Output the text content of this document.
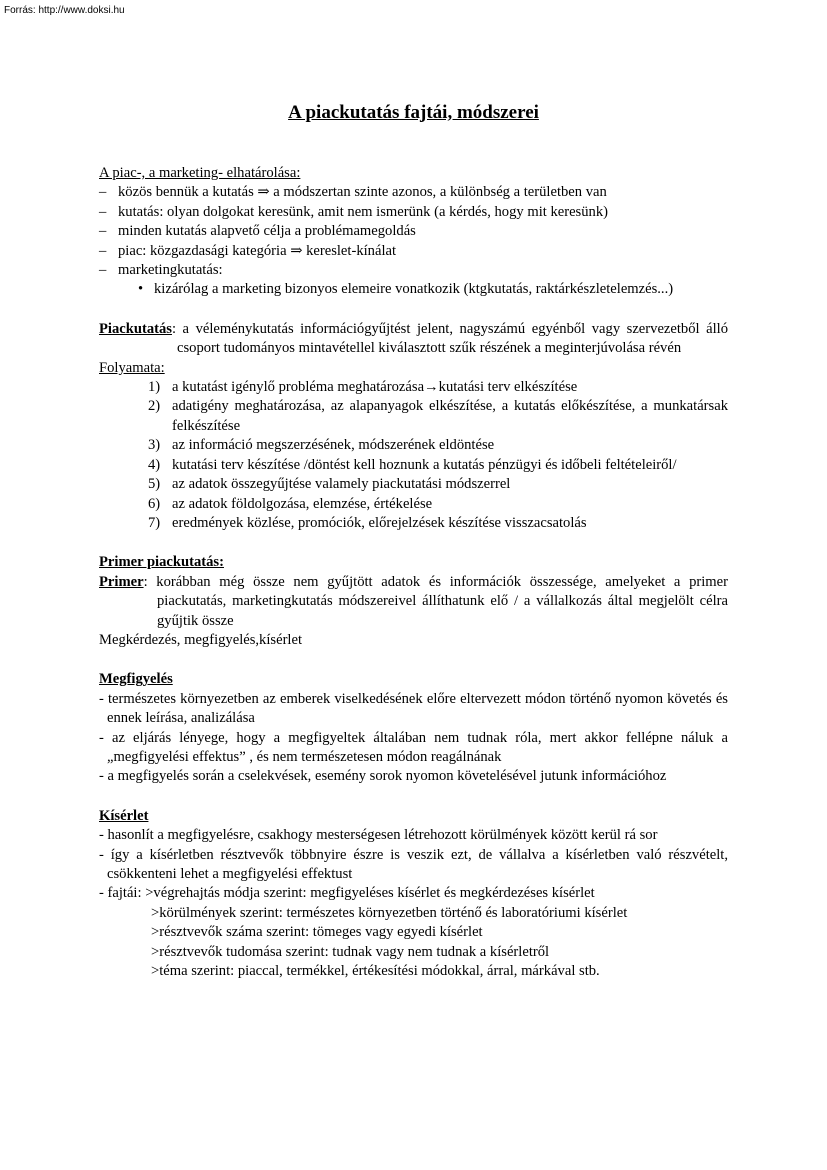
Forrás: http://www.doksi.hu
A piackutatás fajtái, módszerei
A piac-, a marketing- elhatárolása:
– közös bennük a kutatás ⇒ a módszertan szinte azonos, a különbség a területben van
– kutatás: olyan dolgokat keresünk, amit nem ismerünk (a kérdés, hogy mit keresünk)
– minden kutatás alapvető célja a problémamegoldás
– piac: közgazdasági kategória ⇒ kereslet-kínálat
– marketingkutatás:
• kizárólag a marketing bizonyos elemeire vonatkozik (ktgkutatás, raktárkészletelemzés...)
Piackutatás: a véleménykutatás információgyűjtést jelent, nagyszámú egyénből vagy szervezetből álló csoport tudományos mintavétellel kiválasztott szűk részének a meginterjúvolása révén
Folyamata:
1) a kutatást igénylő probléma meghatározása→kutatási terv elkészítése
2) adatigény meghatározása, az alapanyagok elkészítése, a kutatás előkészítése, a munkatársak felkészítése
3) az információ megszerzésének, módszerének eldöntése
4) kutatási terv készítése /döntést kell hoznunk a kutatás pénzügyi és időbeli feltételeiről/
5) az adatok összegyűjtése valamely piackutatási módszerrel
6) az adatok földolgozása, elemzése, értékelése
7) eredmények közlése, promóciók, előrejelzések készítése visszacsatolás
Primer piackutatás:
Primer: korábban még össze nem gyűjtött adatok és információk összessége, amelyeket a primer piackutatás, marketingkutatás módszereivel állíthatunk elő / a vállalkozás által megjelölt célra gyűjtik össze
Megkérdezés, megfigyelés,kísérlet
Megfigyelés
- természetes környezetben az emberek viselkedésének előre eltervezett módon történő nyomon követés és ennek leírása, analizálása
- az eljárás lényege, hogy a megfigyeltek általában nem tudnak róla, mert akkor fellépne náluk a „megfigyelési effektus” , és nem természetesen módon reagálnának
- a megfigyelés során a cselekvések, esemény sorok nyomon követelésével jutunk információhoz
Kísérlet
- hasonlít a megfigyelésre, csakhogy mesterségesen létrehozott körülmények között kerül rá sor
- így a kísérletben résztvevők többnyire észre is veszik ezt, de vállalva a kísérletben való részvételt, csökkenteni lehet a megfigyelési effektust
- fajtái: >végrehajtás módja szerint: megfigyeléses kísérlet és megkérdezéses kísérlet
>körülmények szerint: természetes környezetben történő és laboratóriumi kísérlet
>résztvevők száma szerint: tömeges vagy egyedi kísérlet
>résztvevők tudomása szerint: tudnak vagy nem tudnak a kísérletről
>téma szerint: piaccal, termékkel, értékesítési módokkal, árral, márkával stb.
